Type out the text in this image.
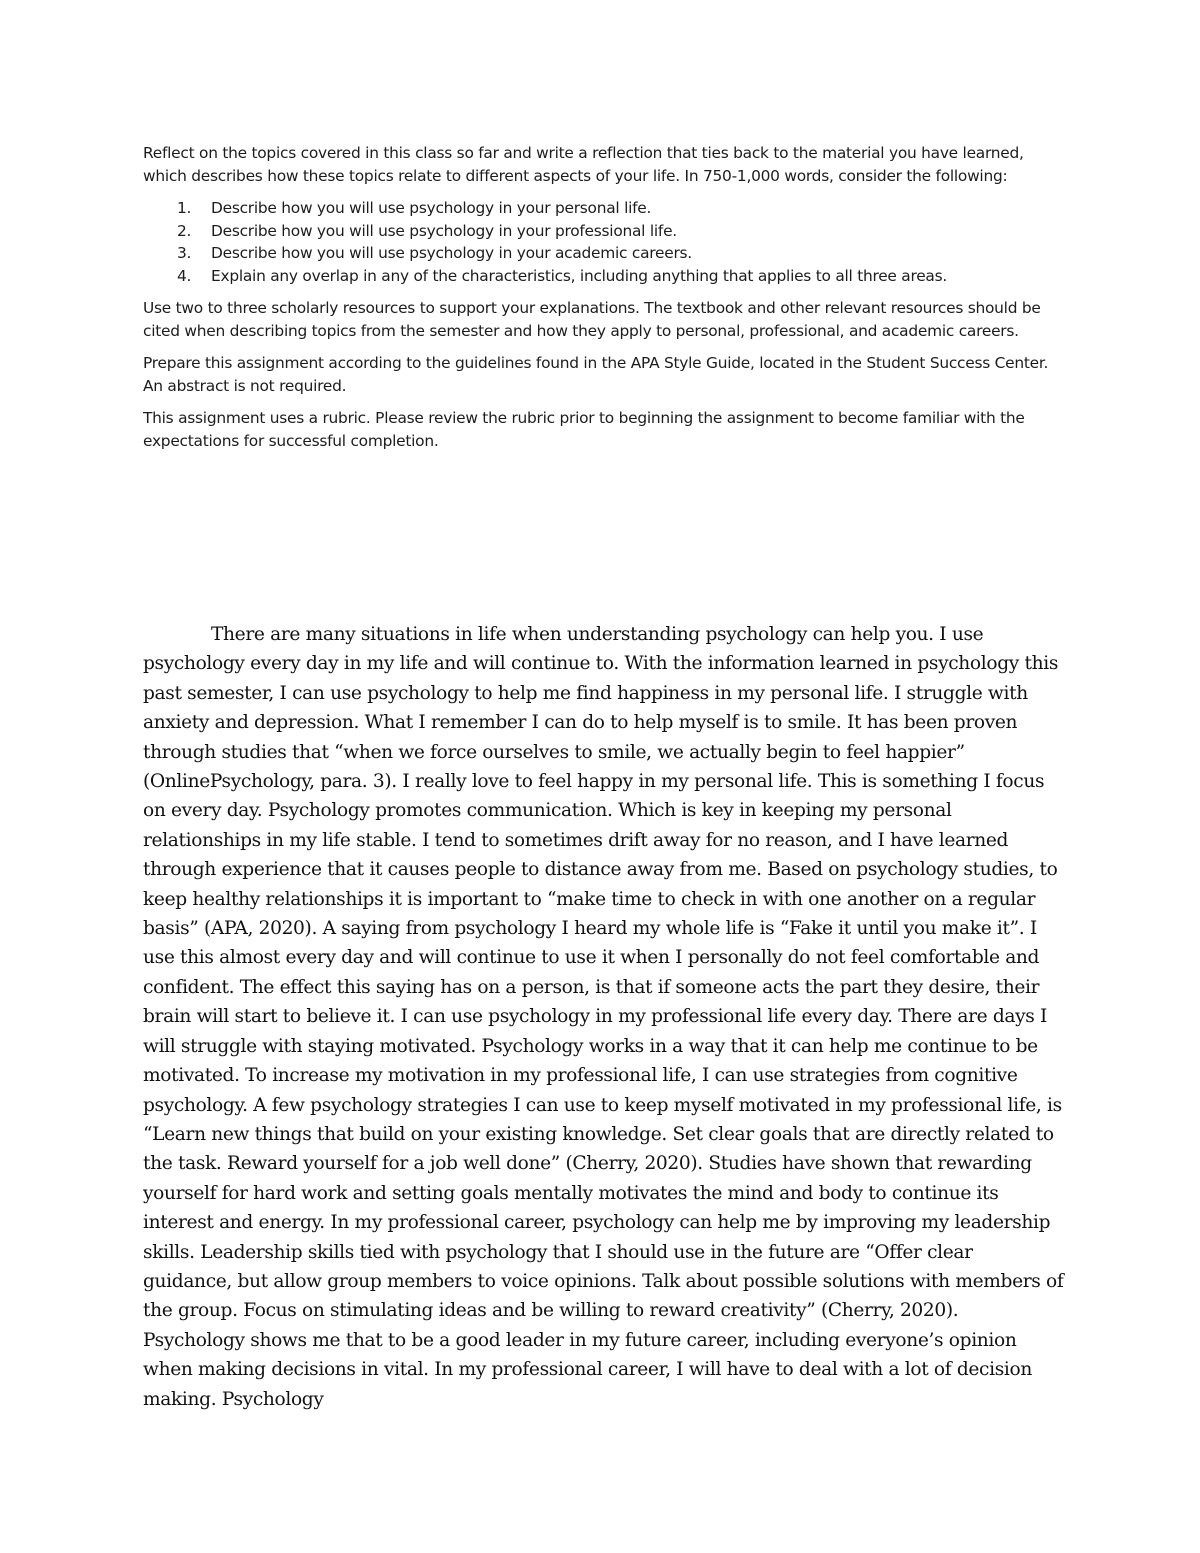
Reflect on the topics covered in this class so far and write a reflection that ties back to the material you have learned, which describes how these topics relate to different aspects of your life. In 750-1,000 words, consider the following:

1. Describe how you will use psychology in your personal life.
2. Describe how you will use psychology in your professional life.
3. Describe how you will use psychology in your academic careers.
4. Explain any overlap in any of the characteristics, including anything that applies to all three areas.

Use two to three scholarly resources to support your explanations. The textbook and other relevant resources should be cited when describing topics from the semester and how they apply to personal, professional, and academic careers.

Prepare this assignment according to the guidelines found in the APA Style Guide, located in the Student Success Center. An abstract is not required.

This assignment uses a rubric. Please review the rubric prior to beginning the assignment to become familiar with the expectations for successful completion.

There are many situations in life when understanding psychology can help you. I use psychology every day in my life and will continue to. With the information learned in psychology this past semester, I can use psychology to help me find happiness in my personal life. I struggle with anxiety and depression. What I remember I can do to help myself is to smile. It has been proven through studies that “when we force ourselves to smile, we actually begin to feel happier” (OnlinePsychology, para. 3). I really love to feel happy in my personal life. This is something I focus on every day. Psychology promotes communication. Which is key in keeping my personal relationships in my life stable. I tend to sometimes drift away for no reason, and I have learned through experience that it causes people to distance away from me. Based on psychology studies, to keep healthy relationships it is important to “make time to check in with one another on a regular basis” (APA, 2020). A saying from psychology I heard my whole life is “Fake it until you make it”. I use this almost every day and will continue to use it when I personally do not feel comfortable and confident. The effect this saying has on a person, is that if someone acts the part they desire, their brain will start to believe it. I can use psychology in my professional life every day. There are days I will struggle with staying motivated. Psychology works in a way that it can help me continue to be motivated. To increase my motivation in my professional life, I can use strategies from cognitive psychology. A few psychology strategies I can use to keep myself motivated in my professional life, is “Learn new things that build on your existing knowledge. Set clear goals that are directly related to the task. Reward yourself for a job well done” (Cherry, 2020). Studies have shown that rewarding yourself for hard work and setting goals mentally motivates the mind and body to continue its interest and energy. In my professional career, psychology can help me by improving my leadership skills. Leadership skills tied with psychology that I should use in the future are “Offer clear guidance, but allow group members to voice opinions. Talk about possible solutions with members of the group. Focus on stimulating ideas and be willing to reward creativity” (Cherry, 2020). Psychology shows me that to be a good leader in my future career, including everyone’s opinion when making decisions in vital. In my professional career, I will have to deal with a lot of decision making. Psychology
